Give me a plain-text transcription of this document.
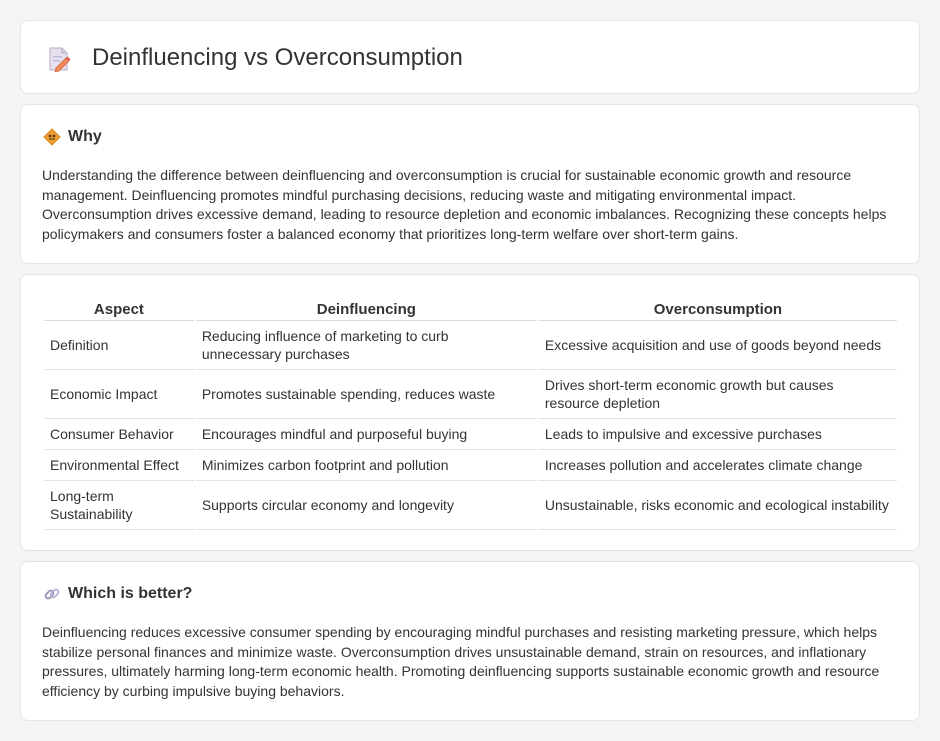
Deinfluencing vs Overconsumption
Why

Understanding the difference between deinfluencing and overconsumption is crucial for sustainable economic growth and resource management. Deinfluencing promotes mindful purchasing decisions, reducing waste and mitigating environmental impact. Overconsumption drives excessive demand, leading to resource depletion and economic imbalances. Recognizing these concepts helps policymakers and consumers foster a balanced economy that prioritizes long-term welfare over short-term gains.

Aspect	Deinfluencing	Overconsumption
Definition	Reducing influence of marketing to curb unnecessary purchases	Excessive acquisition and use of goods beyond needs
Economic Impact	Promotes sustainable spending, reduces waste	Drives short-term economic growth but causes resource depletion
Consumer Behavior	Encourages mindful and purposeful buying	Leads to impulsive and excessive purchases
Environmental Effect	Minimizes carbon footprint and pollution	Increases pollution and accelerates climate change
Long-term Sustainability	Supports circular economy and longevity	Unsustainable, risks economic and ecological instability
Which is better?

Deinfluencing reduces excessive consumer spending by encouraging mindful purchases and resisting marketing pressure, which helps stabilize personal finances and minimize waste. Overconsumption drives unsustainable demand, strain on resources, and inflationary pressures, ultimately harming long-term economic health. Promoting deinfluencing supports sustainable economic growth and resource efficiency by curbing impulsive buying behaviors.
